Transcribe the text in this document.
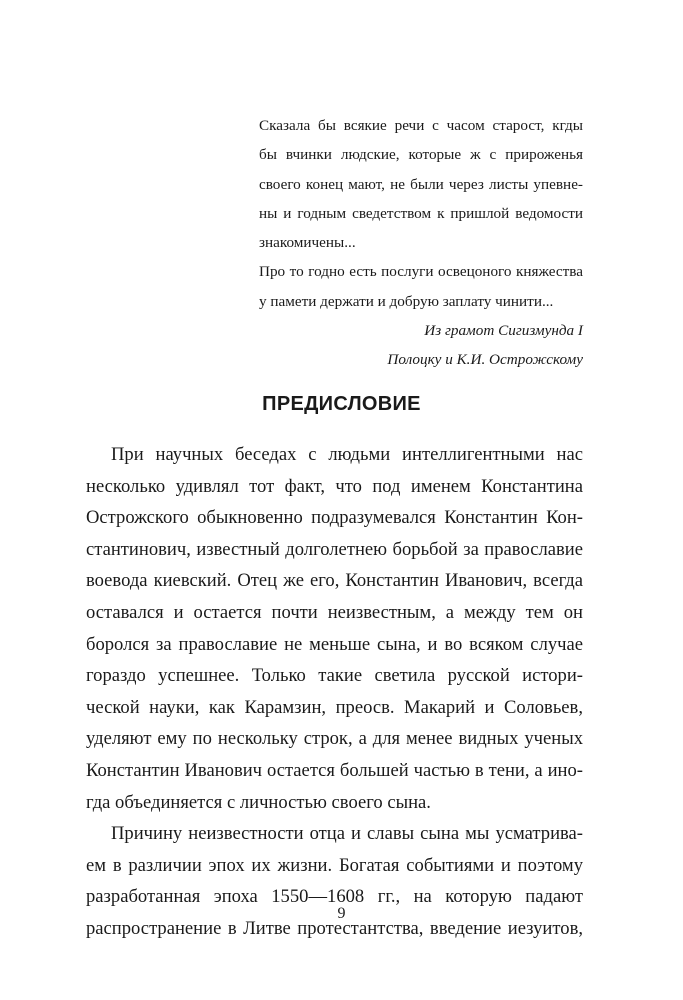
Сказала бы всякие речи с часом старост, кгды
бы вчинки людские, которые ж с прироженья
своего конец мают, не были через листы упевне-
ны и годным сведетством к пришлой ведомости
знакомичены...
Про то годно есть послуги освецоного княжества
у памети держати и добрую заплату чинити...
Из грамот Сигизмунда I
Полоцку и К.И. Острожскому
ПРЕДИСЛОВИЕ
При научных беседах с людьми интеллигентными нас
несколько удивлял тот факт, что под именем Константина
Острожского обыкновенно подразумевался Константин Кон-
стантинович, известный долголетнею борьбой за православие
воевода киевский. Отец же его, Константин Иванович, всегда
оставался и остается почти неизвестным, а между тем он
боролся за православие не меньше сына, и во всяком случае
гораздо успешнее. Только такие светила русской истори-
ческой науки, как Карамзин, преосв. Макарий и Соловьев,
уделяют ему по нескольку строк, а для менее видных ученых
Константин Иванович остается большей частью в тени, а ино-
гда объединяется с личностью своего сына.
Причину неизвестности отца и славы сына мы усматрива-
ем в различии эпох их жизни. Богатая событиями и поэтому
разработанная эпоха 1550—1608 гг., на которую падают
распространение в Литве протестантства, введение иезуитов,
9
